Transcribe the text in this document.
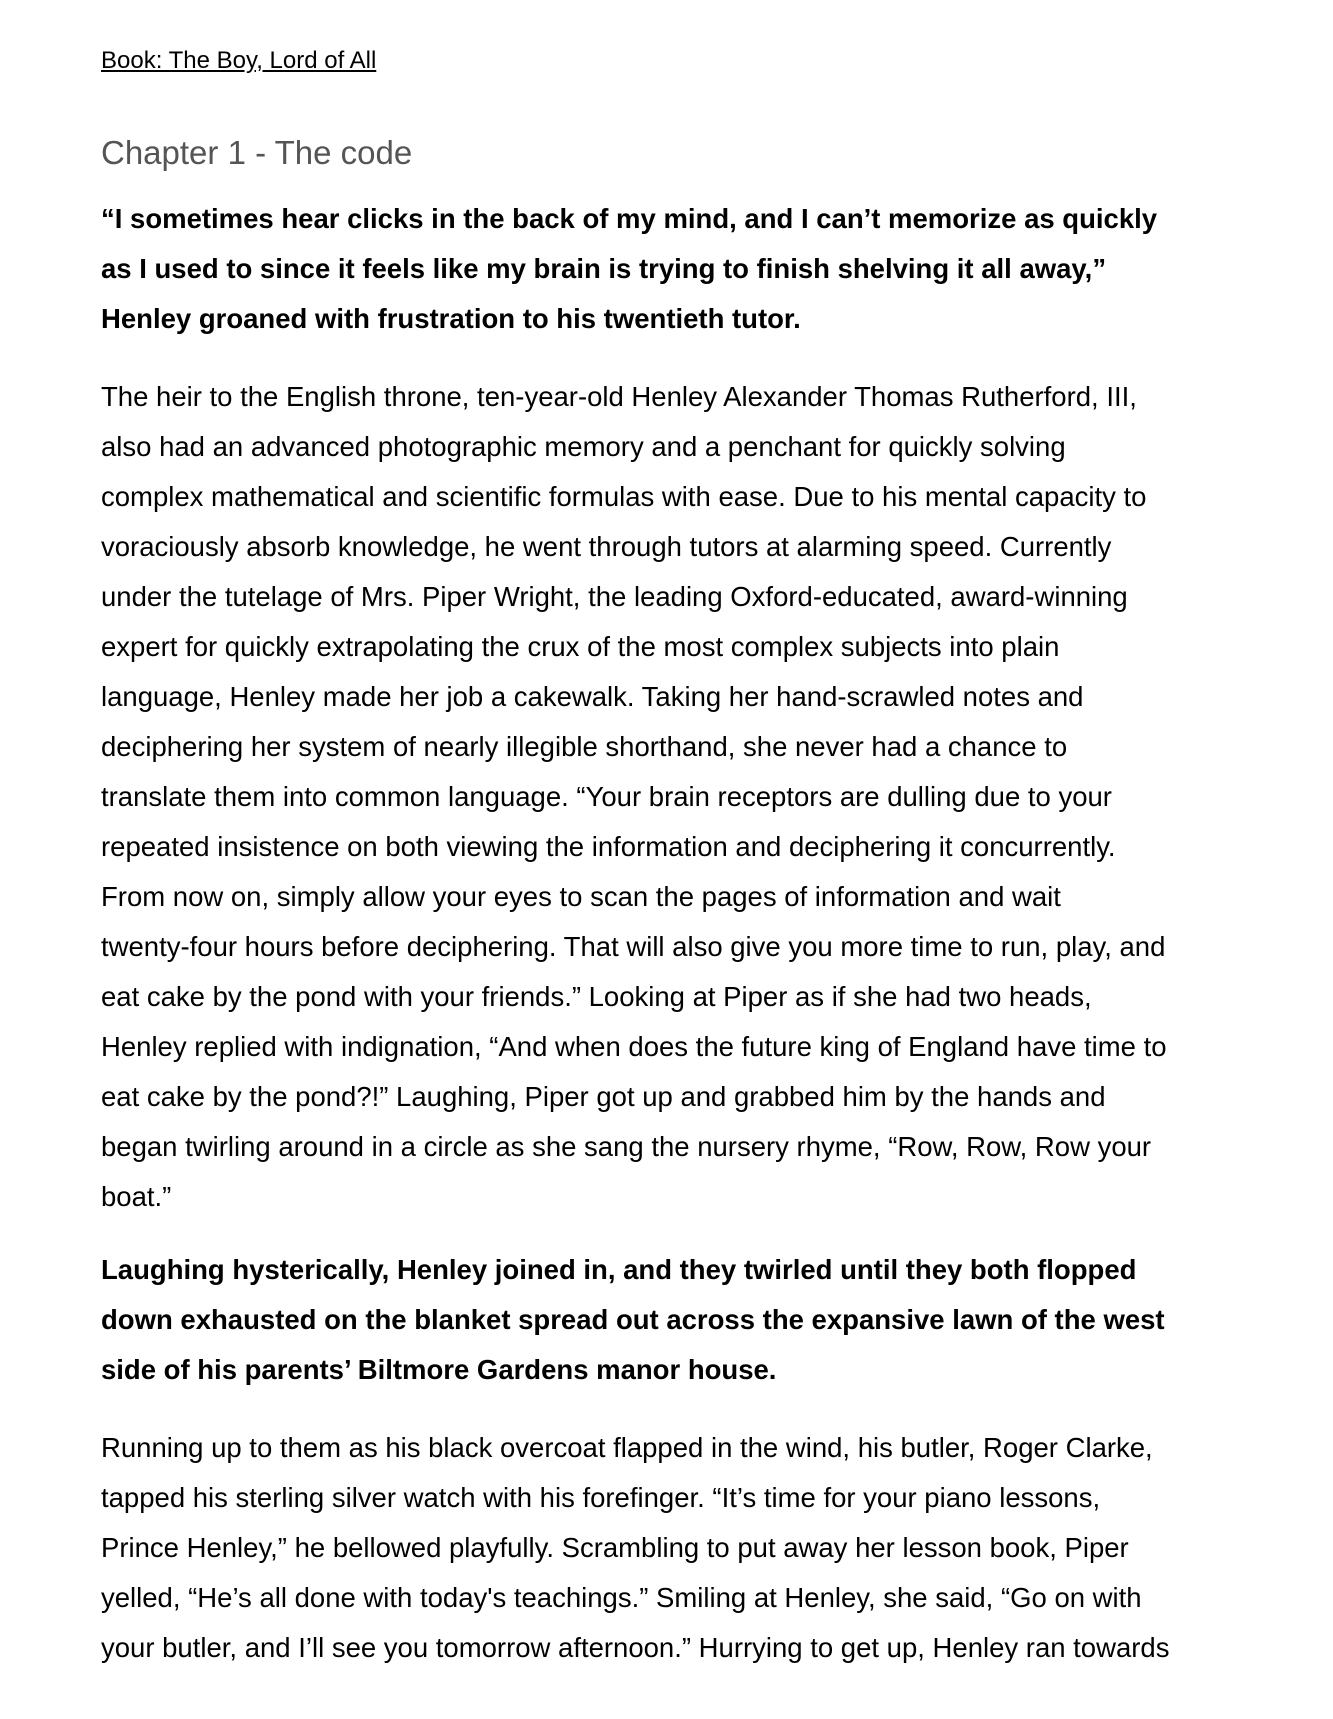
Book: The Boy, Lord of All
Chapter 1 - The code
“I sometimes hear clicks in the back of my mind, and I can’t memorize as quickly
as I used to since it feels like my brain is trying to finish shelving it all away,”
Henley groaned with frustration to his twentieth tutor.
The heir to the English throne, ten-year-old Henley Alexander Thomas Rutherford, III,
also had an advanced photographic memory and a penchant for quickly solving
complex mathematical and scientific formulas with ease. Due to his mental capacity to
voraciously absorb knowledge, he went through tutors at alarming speed. Currently
under the tutelage of Mrs. Piper Wright, the leading Oxford-educated, award-winning
expert for quickly extrapolating the crux of the most complex subjects into plain
language, Henley made her job a cakewalk. Taking her hand-scrawled notes and
deciphering her system of nearly illegible shorthand, she never had a chance to
translate them into common language. “Your brain receptors are dulling due to your
repeated insistence on both viewing the information and deciphering it concurrently.
From now on, simply allow your eyes to scan the pages of information and wait
twenty-four hours before deciphering. That will also give you more time to run, play, and
eat cake by the pond with your friends.” Looking at Piper as if she had two heads,
Henley replied with indignation, “And when does the future king of England have time to
eat cake by the pond?!” Laughing, Piper got up and grabbed him by the hands and
began twirling around in a circle as she sang the nursery rhyme, “Row, Row, Row your
boat.”
Laughing hysterically, Henley joined in, and they twirled until they both flopped
down exhausted on the blanket spread out across the expansive lawn of the west
side of his parents’ Biltmore Gardens manor house.
Running up to them as his black overcoat flapped in the wind, his butler, Roger Clarke,
tapped his sterling silver watch with his forefinger. “It’s time for your piano lessons,
Prince Henley,” he bellowed playfully. Scrambling to put away her lesson book, Piper
yelled, “He’s all done with today's teachings.” Smiling at Henley, she said, “Go on with
your butler, and I’ll see you tomorrow afternoon.” Hurrying to get up, Henley ran towards
